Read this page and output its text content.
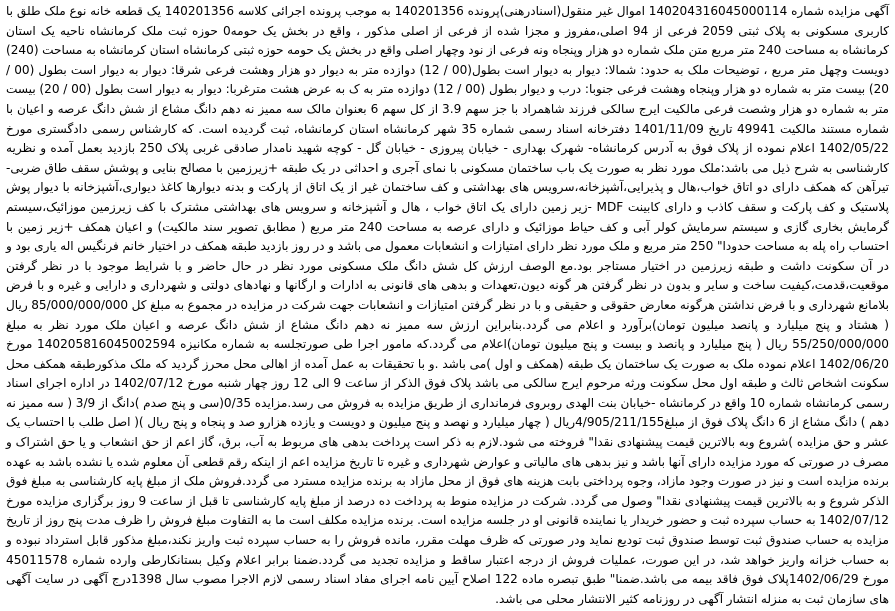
آگهی مزایده شماره 140204316045000114 اموال غیر منقول(اسنادرهنی)پرونده 140201356 به موجب پرونده اجرائی کلاسه 140201356 یک قطعه خانه نوع ملک طلق با کاربری مسکونی به پلاک ثبتی 2059 فرعی از 94 اصلی،مفروز و مجزا شده از فرعی از اصلی مذکور ، واقع در بخش یک حومه0 حوزه ثبت ملک کرمانشاه ناحیه یک استان کرمانشاه به مساحت 240 متر مربع متن ملک شماره دو هزار وپنجاه ونه فرعی از نود وچهار اصلی واقع در بخش یک حومه حوزه ثبتی کرمانشاه استان کرمانشاه به مساحت (240) دویست وچهل متر مربع ، توضیحات ملک به حدود: شمالا: دیوار به دیوار است بطول(00 / 12) دوازده متر به دیوار دو هزار وهشت فرعی شرقا: دیوار به دیوار است بطول (00 / 20) بیست متر به شماره دو هزار وپنجاه وهشت فرعی جنوبا: درب و دیوار بطول (00 / 12) دوازده متر به ک به عرض هشت مترغربا: دیوار به دیوار است بطول (00 / 20) بیست متر به شماره دو هزار وشصت فرعی مالکیت ایرج سالکی فرزند شاهمراد با جز سهم 3.9 از کل سهم 6 بعنوان مالک سه ممیز نه دهم دانگ مشاع از شش دانگ عرصه و اعیان با شماره مستند مالکیت 49941 تاریخ 1401/11/09 دفترخانه اسناد رسمی شماره 35 شهر کرمانشاه استان کرمانشاه، ثبت گردیده است. که کارشناس رسمی دادگستری مورخ 1402/05/22 اعلام نموده از پلاک فوق به آدرس کرمانشاه- شهرک بهداری - خیابان پیروزی - خیابان گل - کوچه شهید نامدار صادقی غربی پلاک 250 بازدید بعمل آمده و نظریه کارشناسی به شرح ذیل می باشد:ملک مورد نظر به صورت یک باب ساختمان مسکونی با نمای آجری و احداثی در یک طبقه +زیرزمین با مصالح بنایی و پوشش سقف طاق ضربی- تیرآهن که همکف دارای دو اتاق خواب،هال و پذیرایی،آشپزخانه،سرویس های بهداشتی و کف ساختمان غیر از یک اتاق از پارکت و بدنه دیوارها کاغذ دیواری،آشپزخانه با دیوار پوش پلاستیک و کف پارکت و سقف کاذب و دارای کابینت MDF -زیر زمین دارای یک اتاق خواب ، هال و آشپزخانه و سرویس های بهداشتی مشترک با کف زیرزمین موزائیک،سیستم گرمایش بخاری گازی و سیستم سرمایش کولر آبی و کف حیاط موزائیک و دارای عرصه به مساحت 240 متر مربع ( مطابق تصویر سند مالکیت) و اعیان همکف +زیر زمین با احتساب راه پله به مساحت حدودا" 250 متر مربع و ملک مورد نظر دارای امتیازات و انشعابات معمول می باشد و در روز بازدید طبقه همکف در اختیار خانم فرنگیس اله یاری بود و در آن سکونت داشت و طبقه زیرزمین در اختیار مستاجر بود.مع الوصف ارزش کل شش دانگ ملک مسکونی مورد نظر در حال حاضر و با شرایط موجود با در نظر گرفتن موقعیت،قدمت،کیفیت ساخت و سایر و بدون در نظر گرفتن هر گونه دیون،تعهدات و بدهی های قانونی به ادارات و ارگانها و نهادهای دولتی و شهرداری و دارایی و غیره و با فرض بلامانع شهرداری و با فرض نداشتن هرگونه معارض حقوقی و حقیقی و با در نظر گرفتن امتیازات و انشعابات جهت شرکت در مزایده در مجموع به مبلغ کل 85/000/000/000 ریال ( هشتاد و پنج میلیارد و پانصد میلیون تومان)برآورد و اعلام می گردد.بنابراین ارزش سه ممیز نه دهم دانگ مشاع از شش دانگ عرصه و اعیان ملک مورد نظر به مبلغ 55/250/000/000 ریال ( پنج میلیارد و پانصد و بیست و پنج میلیون تومان)اعلام می گردد.که مامور اجرا طی صورتجلسه به شماره مکانیزه 140205816045002594 مورخ 1402/06/20 اعلام نموده ملک به صورت یک ساختمان یک طبقه (همکف و اول )می باشد .و با تحقیقات به عمل آمده از اهالی محل محرز گردید که ملک مذکورطبقه همکف محل سکونت اشخاص ثالث و طبقه اول محل سکونت ورثه مرحوم ایرج سالکی می باشد پلاک فوق الذکر از ساعت 9 الی 12 روز چهار شنبه مورخ 1402/07/12 در اداره اجرای اسناد رسمی کرمانشاه شماره 10 واقع در کرمانشاه -خیابان بنت الهدی روبروی فرمانداری از طریق مزایده به فروش می رسد.مزایده 0/35(سی و پنج صدم )دانگ از 3/9 ( سه ممیز نه دهم ) دانگ مشاع از 6 دانگ پلاک فوق از مبلغ4/905/211/155ریال ( چهار میلیارد و نهصد و پنج میلیون و دویست و یازده هزارو صد و پنجاه و پنج ریال )( اصل طلب با احتساب یک عشر و حق مزایده )شروع وبه بالاترین قیمت پیشنهادی نقدا" فروخته می شود.لازم به ذکر است پرداخت بدهی های مربوط به آب، برق، گاز اعم از حق انشعاب و یا حق اشتراک و مصرف در صورتی که مورد مزایده دارای آنها باشد و نیز بدهی های مالیاتی و عوارض شهرداری و غیره تا تاریخ مزایده اعم از اینکه رقم قطعی آن معلوم شده یا نشده باشد به عهده برنده مزایده است و نیز در صورت وجود مازاد، وجوه پرداختی بابت هزینه های فوق از محل مازاد به برنده مزایده مسترد می گردد.فروش ملک از مبلغ پایه کارشناسی به مبلغ فوق الذکر شروع و به بالاترین قیمت پیشنهادی نقدا" وصول می گردد. شرکت در مزایده منوط به پرداخت ده درصد از مبلغ پایه کارشناسی تا قبل از ساعت 9 روز برگزاری مزایده مورخ 1402/07/12 به حساب سپرده ثبت و حضور خریدار یا نماینده قانونی او در جلسه مزایده است. برنده مزایده مکلف است ما به التفاوت مبلغ فروش را ظرف مدت پنج روز از تاریخ مزایده به حساب صندوق ثبت توسط صندوق ثبت تودیع نماید ودر صورتی که ظرف مهلت مقرر، مانده فروش را به حساب سپرده ثبت واریز نکند،مبلغ مذکور قابل استرداد نبوده و به حساب خزانه واریز خواهد شد، در این صورت، عملیات فروش از درجه اعتبار ساقط و مزایده تجدید می گردد.ضمنا برابر اعلام وکیل بستانکارطی وارده شماره 45011578 مورخ 1402/06/29پلاک فوق فاقد بیمه می باشد.ضمنا" طبق تبصره ماده 122 اصلاح آیین نامه اجرای مفاد اسناد رسمی لازم الاجرا مصوب سال 1398درج آگهی در سایت آگهی های سازمان ثبت به منزله انتشار آگهی در روزنامه کثیر الانتشار محلی می باشد.
